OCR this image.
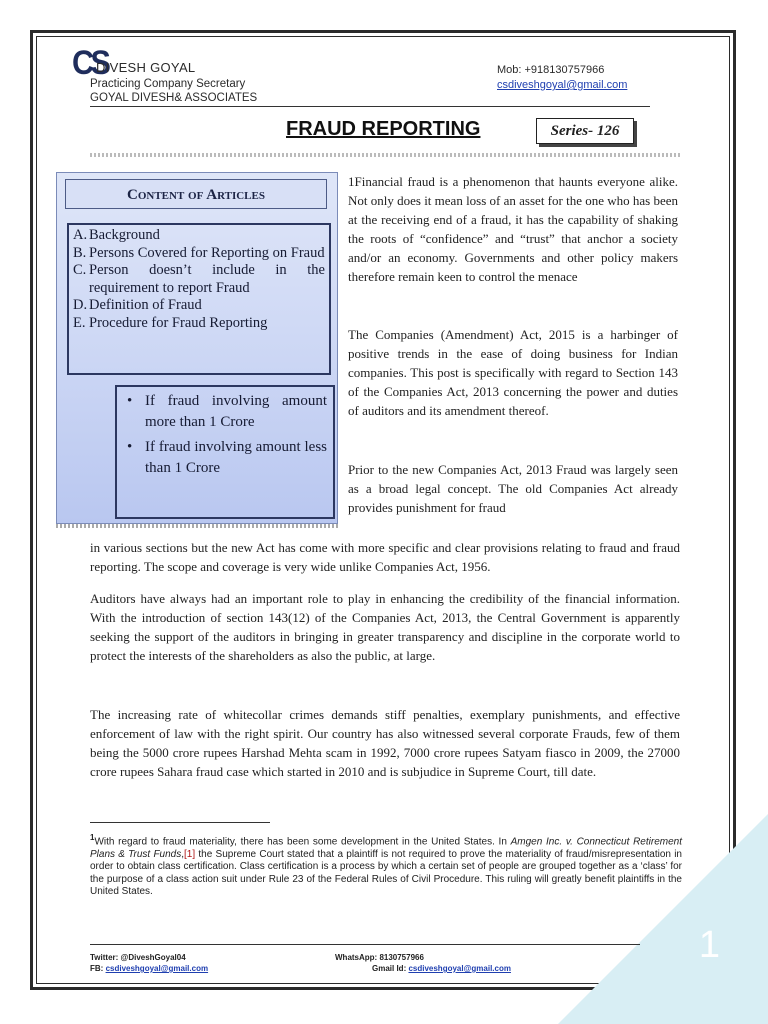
1
CS
DIVESH GOYAL
Practicing Company Secretary
GOYAL DIVESH& ASSOCIATES
Mob: +918130757966
csdiveshgoyal@gmail.com
FRAUD REPORTING	Series- 126
Content of Articles
A. Background
B. Persons Covered for Reporting on Fraud
C. Person doesn’t include in the requirement to report Fraud
D. Definition of Fraud
E. Procedure for Fraud Reporting
• If fraud involving amount more than 1 Crore
• If fraud involving amount less than 1 Crore
1Financial fraud is a phenomenon that haunts everyone alike. Not only does it mean loss of an asset for the one who has been at the receiving end of a fraud, it has the capability of shaking the roots of “confidence” and “trust” that anchor a society and/or an economy. Governments and other policy makers therefore remain keen to control the menace
The Companies (Amendment) Act, 2015 is a harbinger of positive trends in the ease of doing business for Indian companies. This post is specifically with regard to Section 143 of the Companies Act, 2013 concerning the power and duties of auditors and its amendment thereof.
Prior to the new Companies Act, 2013 Fraud was largely seen as a broad legal concept. The old Companies Act already provides punishment for fraud
in various sections but the new Act has come with more specific and clear provisions relating to fraud and fraud reporting. The scope and coverage is very wide unlike Companies Act, 1956.
Auditors have always had an important role to play in enhancing the credibility of the financial information. With the introduction of section 143(12) of the Companies Act, 2013, the Central Government is apparently seeking the support of the auditors in bringing in greater transparency and discipline in the corporate world to protect the interests of the shareholders as also the public, at large.
The increasing rate of whitecollar crimes demands stiff penalties, exemplary punishments, and effective enforcement of law with the right spirit. Our country has also witnessed several corporate Frauds, few of them being the 5000 crore rupees Harshad Mehta scam in 1992, 7000 crore rupees Satyam fiasco in 2009, the 27000 crore rupees Sahara fraud case which started in 2010 and is subjudice in Supreme Court, till date.
$^1$With regard to fraud materiality, there has been some development in the United States. In Amgen Inc. v. Connecticut Retirement Plans & Trust Funds,[1] the Supreme Court stated that a plaintiff is not required to prove the materiality of fraud/misrepresentation in order to obtain class certification. Class certification is a process by which a certain set of people are grouped together as a ‘class’ for the purpose of a class action suit under Rule 23 of the Federal Rules of Civil Procedure. This ruling will greatly benefit plaintiffs in the United States.
Twitter: @DiveshGoyal04
FB: csdiveshgoyal@gmail.com
WhatsApp: 8130757966
Gmail Id: csdiveshgoyal@gmail.com
